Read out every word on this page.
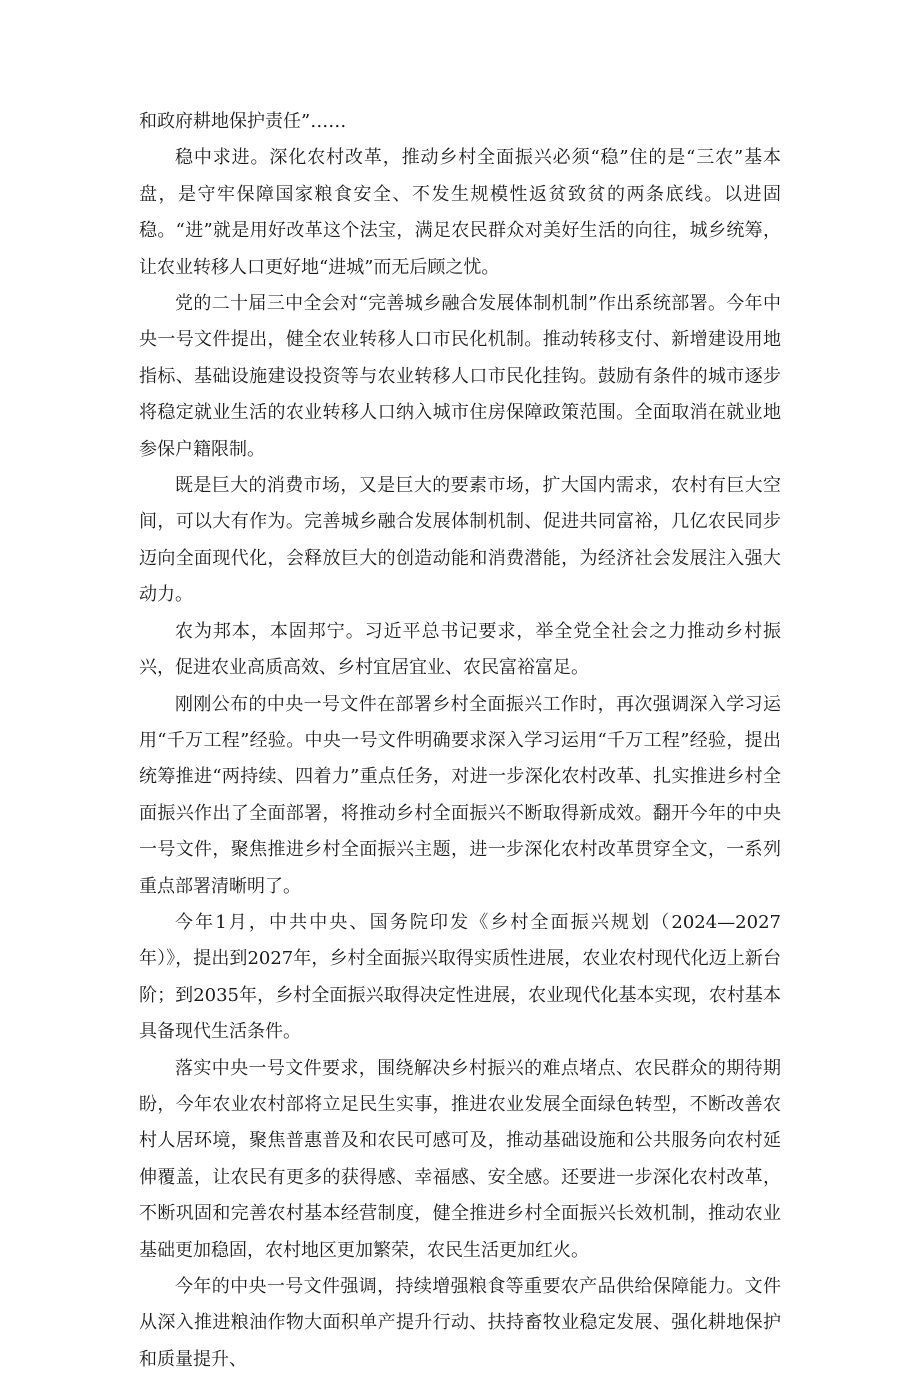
和政府耕地保护责任”……

稳中求进。深化农村改革，推动乡村全面振兴必须“稳”住的是“三农”基本盘，是守牢保障国家粮食安全、不发生规模性返贫致贫的两条底线。以进固稳。“进”就是用好改革这个法宝，满足农民群众对美好生活的向往，城乡统筹，让农业转移人口更好地“进城”而无后顾之忧。

党的二十届三中全会对“完善城乡融合发展体制机制”作出系统部署。今年中央一号文件提出，健全农业转移人口市民化机制。推动转移支付、新增建设用地指标、基础设施建设投资等与农业转移人口市民化挂钩。鼓励有条件的城市逐步将稳定就业生活的农业转移人口纳入城市住房保障政策范围。全面取消在就业地参保户籍限制。

既是巨大的消费市场，又是巨大的要素市场，扩大国内需求，农村有巨大空间，可以大有作为。完善城乡融合发展体制机制、促进共同富裕，几亿农民同步迈向全面现代化，会释放巨大的创造动能和消费潜能，为经济社会发展注入强大动力。

农为邦本，本固邦宁。习近平总书记要求，举全党全社会之力推动乡村振兴，促进农业高质高效、乡村宜居宜业、农民富裕富足。

刚刚公布的中央一号文件在部署乡村全面振兴工作时，再次强调深入学习运用“千万工程”经验。中央一号文件明确要求深入学习运用“千万工程”经验，提出统筹推进“两持续、四着力”重点任务，对进一步深化农村改革、扎实推进乡村全面振兴作出了全面部署，将推动乡村全面振兴不断取得新成效。翻开今年的中央一号文件，聚焦推进乡村全面振兴主题，进一步深化农村改革贯穿全文，一系列重点部署清晰明了。

今年1月，中共中央、国务院印发《乡村全面振兴规划（2024—2027年）》，提出到2027年，乡村全面振兴取得实质性进展，农业农村现代化迈上新台阶；到2035年，乡村全面振兴取得决定性进展，农业现代化基本实现，农村基本具备现代生活条件。

落实中央一号文件要求，围绕解决乡村振兴的难点堵点、农民群众的期待期盼，今年农业农村部将立足民生实事，推进农业发展全面绿色转型，不断改善农村人居环境，聚焦普惠普及和农民可感可及，推动基础设施和公共服务向农村延伸覆盖，让农民有更多的获得感、幸福感、安全感。还要进一步深化农村改革，不断巩固和完善农村基本经营制度，健全推进乡村全面振兴长效机制，推动农业基础更加稳固，农村地区更加繁荣，农民生活更加红火。

今年的中央一号文件强调，持续增强粮食等重要农产品供给保障能力。文件从深入推进粮油作物大面积单产提升行动、扶持畜牧业稳定发展、强化耕地保护和质量提升、
